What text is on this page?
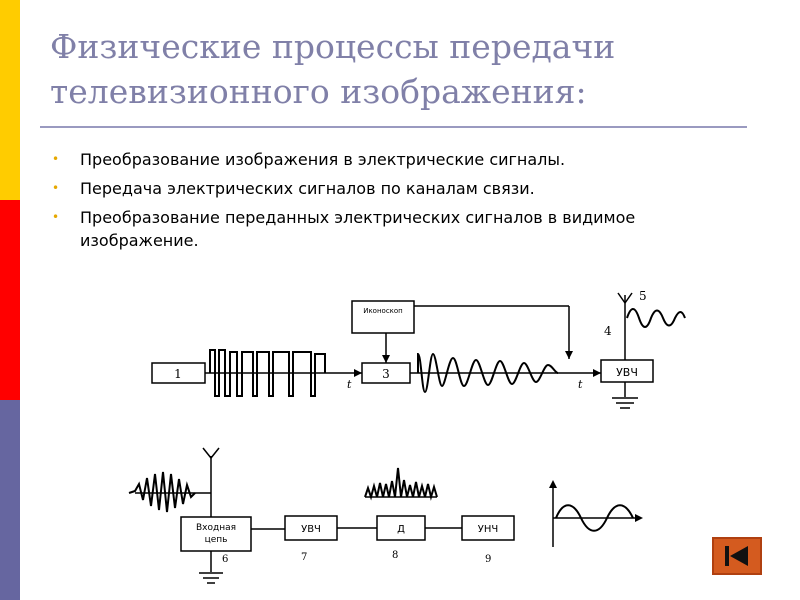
Физические процессы передачи
телевизионного изображения:
• Преобразование изображения в электрические сигналы.
• Передача электрических сигналов по каналам связи.
• Преобразование переданных электрических сигналов в видимое изображение.
1	3
Иконоскоп
УВЧ
4
5
t	t
Входная
цепь
УВЧ	Д	УНЧ
6	7	8	9
